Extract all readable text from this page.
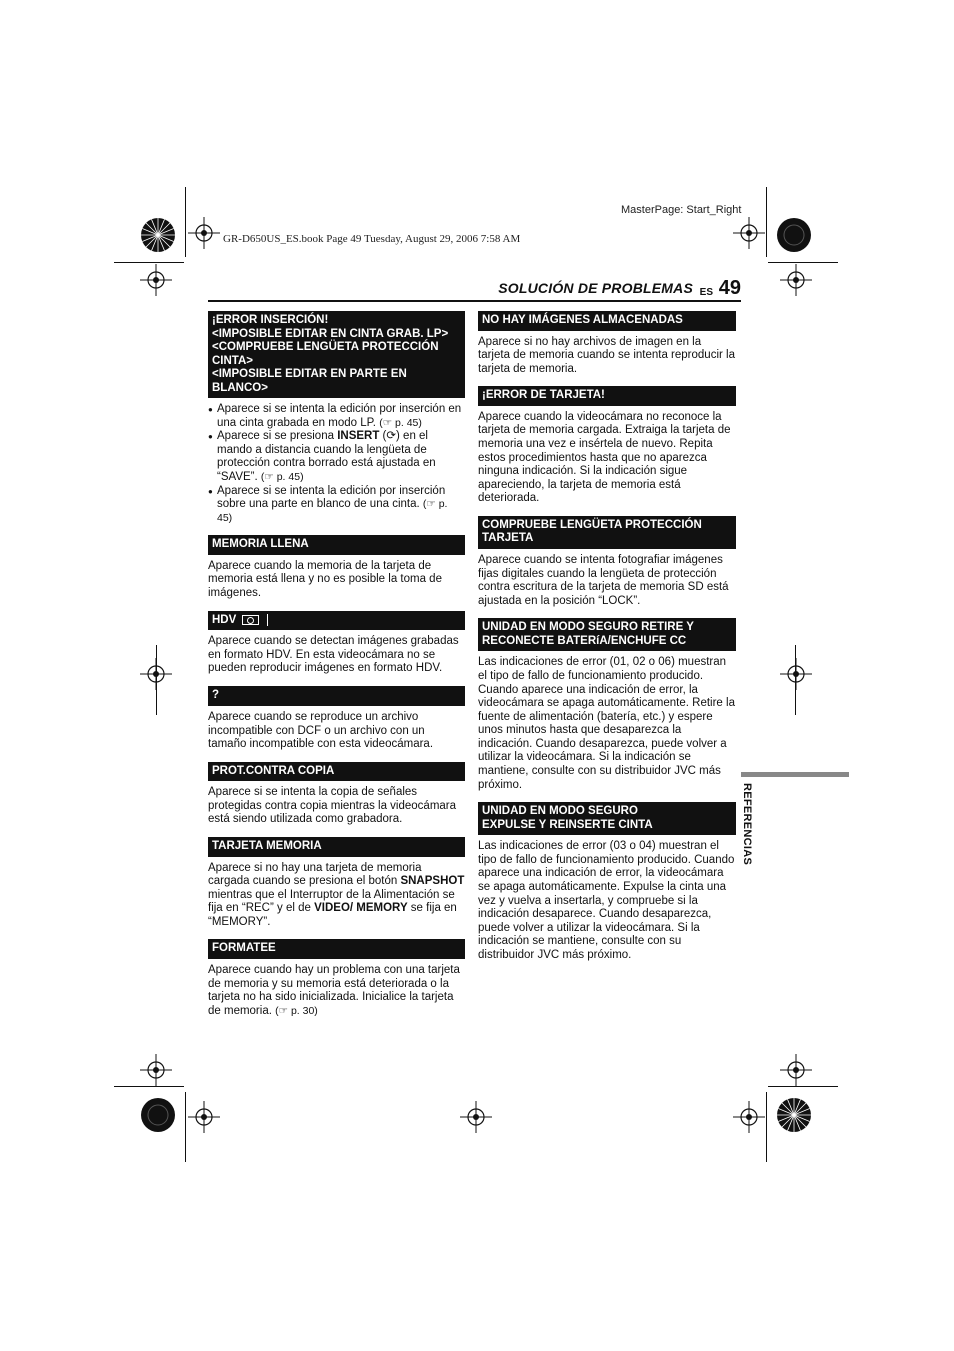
MasterPage: Start_Right
GR-D650US_ES.book Page 49 Tuesday, August 29, 2006 7:58 AM
SOLUCIÓN DE PROBLEMAS ES 49
REFERENCIAS
¡ERROR INSERCIÓN!
<IMPOSIBLE EDITAR EN CINTA GRAB. LP>
<COMPRUEBE LENGÜETA PROTECCIÓN CINTA>
<IMPOSIBLE EDITAR EN PARTE EN BLANCO>
● Aparece si se intenta la edición por inserción en una cinta grabada en modo LP. (☞ p. 45)
● Aparece si se presiona INSERT (⟳) en el mando a distancia cuando la lengüeta de protección contra borrado está ajustada en “SAVE”. (☞ p. 45)
● Aparece si se intenta la edición por inserción sobre una parte en blanco de una cinta. (☞ p. 45)
MEMORIA LLENA

Aparece cuando la memoria de la tarjeta de memoria está llena y no es posible la toma de imágenes.

HDV

Aparece cuando se detectan imágenes grabadas en formato HDV. En esta videocámara no se pueden reproducir imágenes en formato HDV.

?

Aparece cuando se reproduce un archivo incompatible con DCF o un archivo con un tamaño incompatible con esta videocámara.

PROT.CONTRA COPIA

Aparece si se intenta la copia de señales protegidas contra copia mientras la videocámara está siendo utilizada como grabadora.

TARJETA MEMORIA

Aparece si no hay una tarjeta de memoria cargada cuando se presiona el botón SNAPSHOT mientras que el Interruptor de la Alimentación se fija en “REC” y el de VIDEO/ MEMORY se fija en “MEMORY”.

FORMATEE

Aparece cuando hay un problema con una tarjeta de memoria y su memoria está deteriorada o la tarjeta no ha sido inicializada. Inicialice la tarjeta de memoria. (☞ p. 30)

NO HAY IMÁGENES ALMACENADAS

Aparece si no hay archivos de imagen en la tarjeta de memoria cuando se intenta reproducir la tarjeta de memoria.

¡ERROR DE TARJETA!

Aparece cuando la videocámara no reconoce la tarjeta de memoria cargada. Extraiga la tarjeta de memoria una vez e insértela de nuevo. Repita estos procedimientos hasta que no aparezca ninguna indicación. Si la indicación sigue apareciendo, la tarjeta de memoria está deteriorada.

COMPRUEBE LENGÜETA PROTECCIÓN
TARJETA

Aparece cuando se intenta fotografiar imágenes fijas digitales cuando la lengüeta de protección contra escritura de la tarjeta de memoria SD está ajustada en la posición “LOCK”.

UNIDAD EN MODO SEGURO RETIRE Y
RECONECTE BATERíA/ENCHUFE CC

Las indicaciones de error (01, 02 o 06) muestran el tipo de fallo de funcionamiento producido. Cuando aparece una indicación de error, la videocámara se apaga automáticamente. Retire la fuente de alimentación (batería, etc.) y espere unos minutos hasta que desaparezca la indicación. Cuando desaparezca, puede volver a utilizar la videocámara. Si la indicación se mantiene, consulte con su distribuidor JVC más próximo.

UNIDAD EN MODO SEGURO
EXPULSE Y REINSERTE CINTA

Las indicaciones de error (03 o 04) muestran el tipo de fallo de funcionamiento producido. Cuando aparece una indicación de error, la videocámara se apaga automáticamente. Expulse la cinta una vez y vuelva a insertarla, y compruebe si la indicación desaparece. Cuando desaparezca, puede volver a utilizar la videocámara. Si la indicación se mantiene, consulte con su distribuidor JVC más próximo.
